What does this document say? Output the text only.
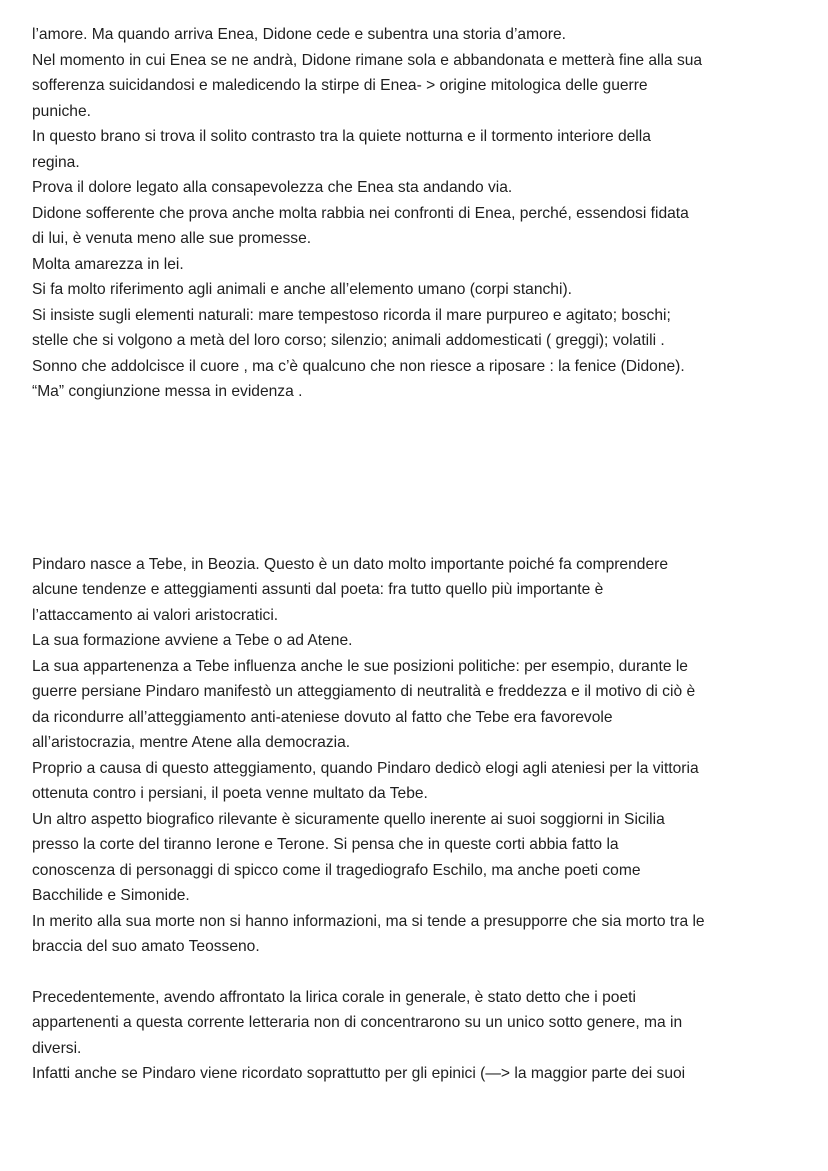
l’amore. Ma quando arriva Enea, Didone cede e subentra una storia d’amore.
Nel momento in cui Enea se ne andrà, Didone rimane sola e abbandonata e metterà fine alla sua
sofferenza suicidandosi e maledicendo la stirpe di Enea- > origine mitologica delle guerre
puniche.
In questo brano si trova il solito contrasto tra la quiete notturna e il tormento interiore della
regina.
Prova il dolore legato alla consapevolezza che Enea sta andando via.
Didone sofferente che prova anche molta rabbia nei confronti di Enea, perché, essendosi fidata
di lui, è venuta meno alle sue promesse.
Molta amarezza in lei.
Si fa molto riferimento agli animali e anche all’elemento umano (corpi stanchi).
Si insiste sugli elementi naturali: mare tempestoso ricorda il mare purpureo e agitato; boschi;
stelle che si volgono a metà del loro corso; silenzio; animali addomesticati ( greggi); volatili .
Sonno che addolcisce il cuore , ma c’è qualcuno che non riesce a riposare : la fenice (Didone).
“Ma” congiunzione messa in evidenza .
Pindaro nasce a Tebe, in Beozia. Questo è un dato molto importante poiché fa comprendere
alcune tendenze e atteggiamenti assunti dal poeta: fra tutto quello più importante è
l’attaccamento ai valori aristocratici.
La sua formazione avviene a Tebe o ad Atene.
La sua appartenenza a Tebe influenza anche le sue posizioni politiche: per esempio, durante le
guerre persiane Pindaro manifestò un atteggiamento di neutralità e freddezza e il motivo di ciò è
da ricondurre all’atteggiamento anti-ateniese dovuto al fatto che Tebe era favorevole
all’aristocrazia, mentre Atene alla democrazia.
Proprio a causa di questo atteggiamento, quando Pindaro dedicò elogi agli ateniesi per la vittoria
ottenuta contro i persiani, il poeta venne multato da Tebe.
Un altro aspetto biografico rilevante è sicuramente quello inerente ai suoi soggiorni in Sicilia
presso la corte del tiranno Ierone e Terone. Si pensa che in queste corti abbia fatto la
conoscenza di personaggi di spicco come il tragediografo Eschilo, ma anche poeti come
Bacchilide e Simonide.
In merito alla sua morte non si hanno informazioni, ma si tende a presupporre che sia morto tra le
braccia del suo amato Teosseno.
Precedentemente, avendo affrontato la lirica corale in generale, è stato detto che i poeti
appartenenti a questa corrente letteraria non di concentrarono su un unico sotto genere, ma in
diversi.
Infatti anche se Pindaro viene ricordato soprattutto per gli epinici (—> la maggior parte dei suoi
